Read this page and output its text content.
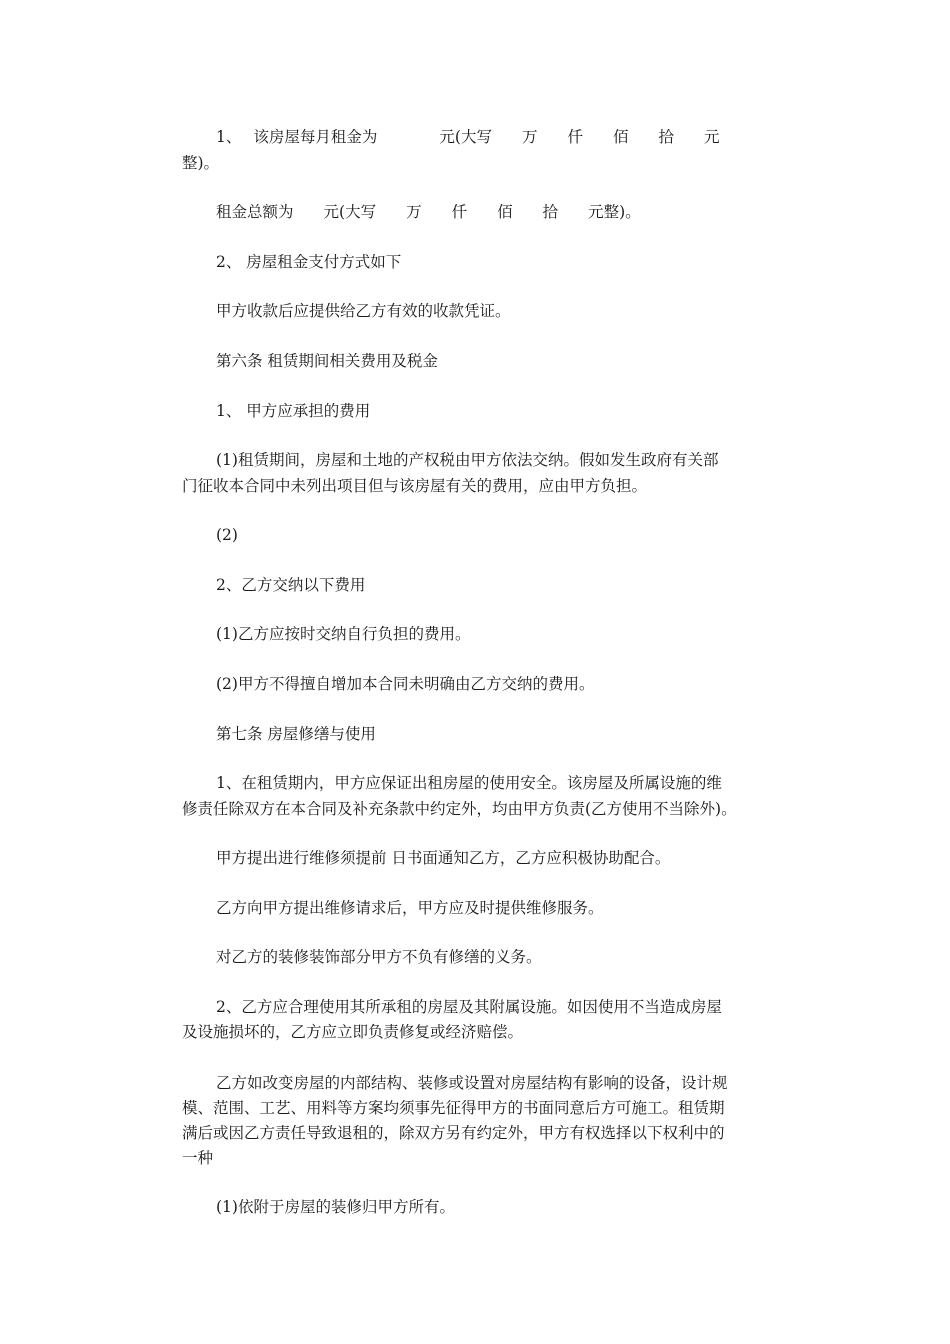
1、 该房屋每月租金为	元(大写 万 仟 佰 拾 元
整)。
租金总额为 元(大写 万 仟 佰 拾 元整)。
2、 房屋租金支付方式如下
甲方收款后应提供给乙方有效的收款凭证。
第六条 租赁期间相关费用及税金
1、 甲方应承担的费用
(1)租赁期间，房屋和土地的产权税由甲方依法交纳。假如发生政府有关部
门征收本合同中未列出项目但与该房屋有关的费用，应由甲方负担。
(2)
2、乙方交纳以下费用
(1)乙方应按时交纳自行负担的费用。
(2)甲方不得擅自增加本合同未明确由乙方交纳的费用。
第七条 房屋修缮与使用
1、在租赁期内，甲方应保证出租房屋的使用安全。该房屋及所属设施的维
修责任除双方在本合同及补充条款中约定外，均由甲方负责(乙方使用不当除外)。
甲方提出进行维修须提前 日书面通知乙方，乙方应积极协助配合。
乙方向甲方提出维修请求后，甲方应及时提供维修服务。
对乙方的装修装饰部分甲方不负有修缮的义务。
2、乙方应合理使用其所承租的房屋及其附属设施。如因使用不当造成房屋
及设施损坏的，乙方应立即负责修复或经济赔偿。
乙方如改变房屋的内部结构、装修或设置对房屋结构有影响的设备，设计规
模、范围、工艺、用料等方案均须事先征得甲方的书面同意后方可施工。租赁期
满后或因乙方责任导致退租的，除双方另有约定外，甲方有权选择以下权利中的
一种
(1)依附于房屋的装修归甲方所有。
